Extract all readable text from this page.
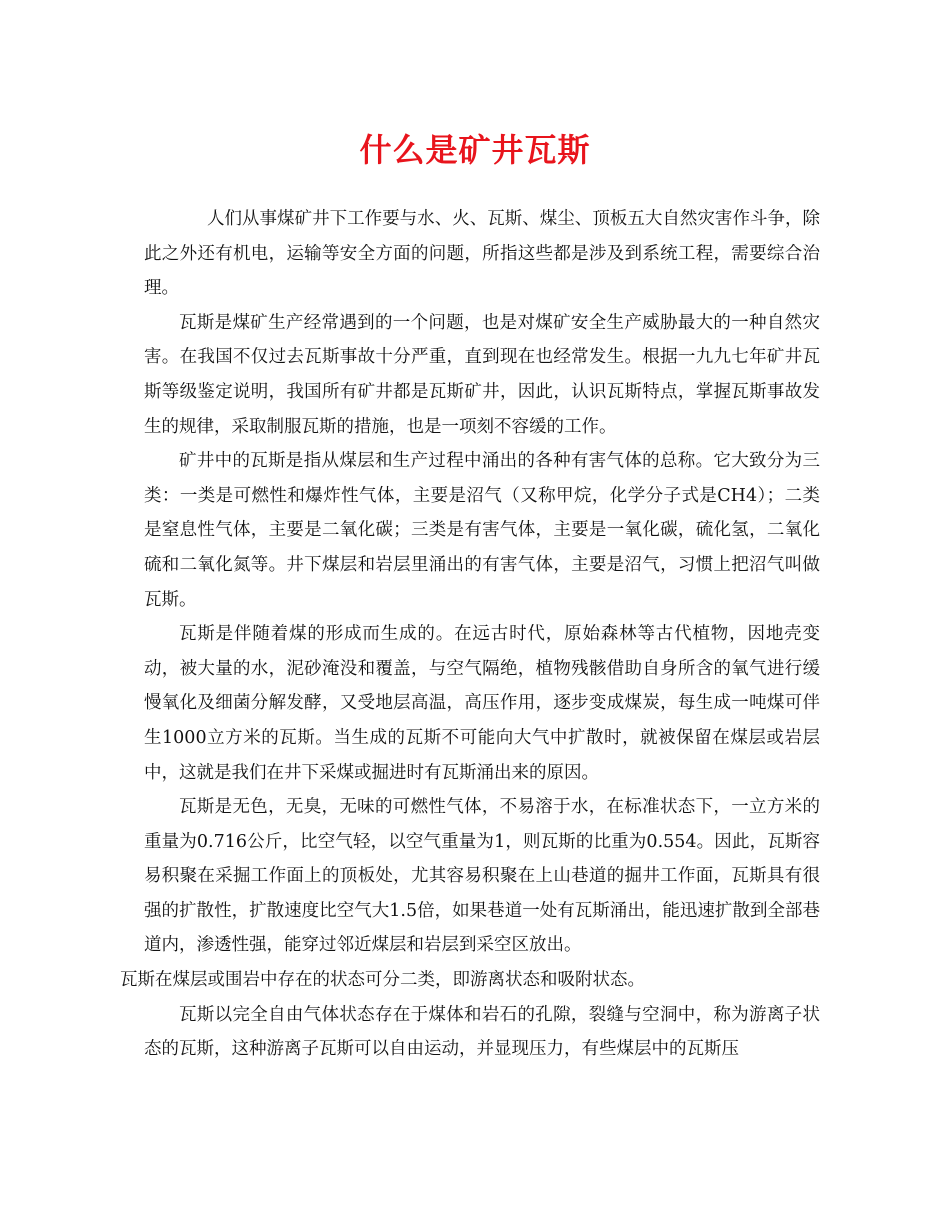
什么是矿井瓦斯

人们从事煤矿井下工作要与水、火、瓦斯、煤尘、顶板五大自然灾害作斗争，除此之外还有机电，运输等安全方面的问题，所指这些都是涉及到系统工程，需要综合治理。

瓦斯是煤矿生产经常遇到的一个问题，也是对煤矿安全生产威胁最大的一种自然灾害。在我国不仅过去瓦斯事故十分严重，直到现在也经常发生。根据一九九七年矿井瓦斯等级鉴定说明，我国所有矿井都是瓦斯矿井，因此，认识瓦斯特点，掌握瓦斯事故发生的规律，采取制服瓦斯的措施，也是一项刻不容缓的工作。

矿井中的瓦斯是指从煤层和生产过程中涌出的各种有害气体的总称。它大致分为三类：一类是可燃性和爆炸性气体，主要是沼气（又称甲烷，化学分子式是CH4）；二类是窒息性气体，主要是二氧化碳；三类是有害气体，主要是一氧化碳，硫化氢，二氧化硫和二氧化氮等。井下煤层和岩层里涌出的有害气体，主要是沼气，习惯上把沼气叫做瓦斯。

瓦斯是伴随着煤的形成而生成的。在远古时代，原始森林等古代植物，因地壳变动，被大量的水，泥砂淹没和覆盖，与空气隔绝，植物残骸借助自身所含的氧气进行缓慢氧化及细菌分解发酵，又受地层高温，高压作用，逐步变成煤炭，每生成一吨煤可伴生1000立方米的瓦斯。当生成的瓦斯不可能向大气中扩散时，就被保留在煤层或岩层中，这就是我们在井下采煤或掘进时有瓦斯涌出来的原因。

瓦斯是无色，无臭，无味的可燃性气体，不易溶于水，在标准状态下，一立方米的重量为0.716公斤，比空气轻，以空气重量为1，则瓦斯的比重为0.554。因此，瓦斯容易积聚在采掘工作面上的顶板处，尤其容易积聚在上山巷道的掘井工作面，瓦斯具有很强的扩散性，扩散速度比空气大1.5倍，如果巷道一处有瓦斯涌出，能迅速扩散到全部巷道内，渗透性强，能穿过邻近煤层和岩层到采空区放出。

瓦斯在煤层或围岩中存在的状态可分二类，即游离状态和吸附状态。

瓦斯以完全自由气体状态存在于煤体和岩石的孔隙，裂缝与空洞中，称为游离子状态的瓦斯，这种游离子瓦斯可以自由运动，并显现压力，有些煤层中的瓦斯压
